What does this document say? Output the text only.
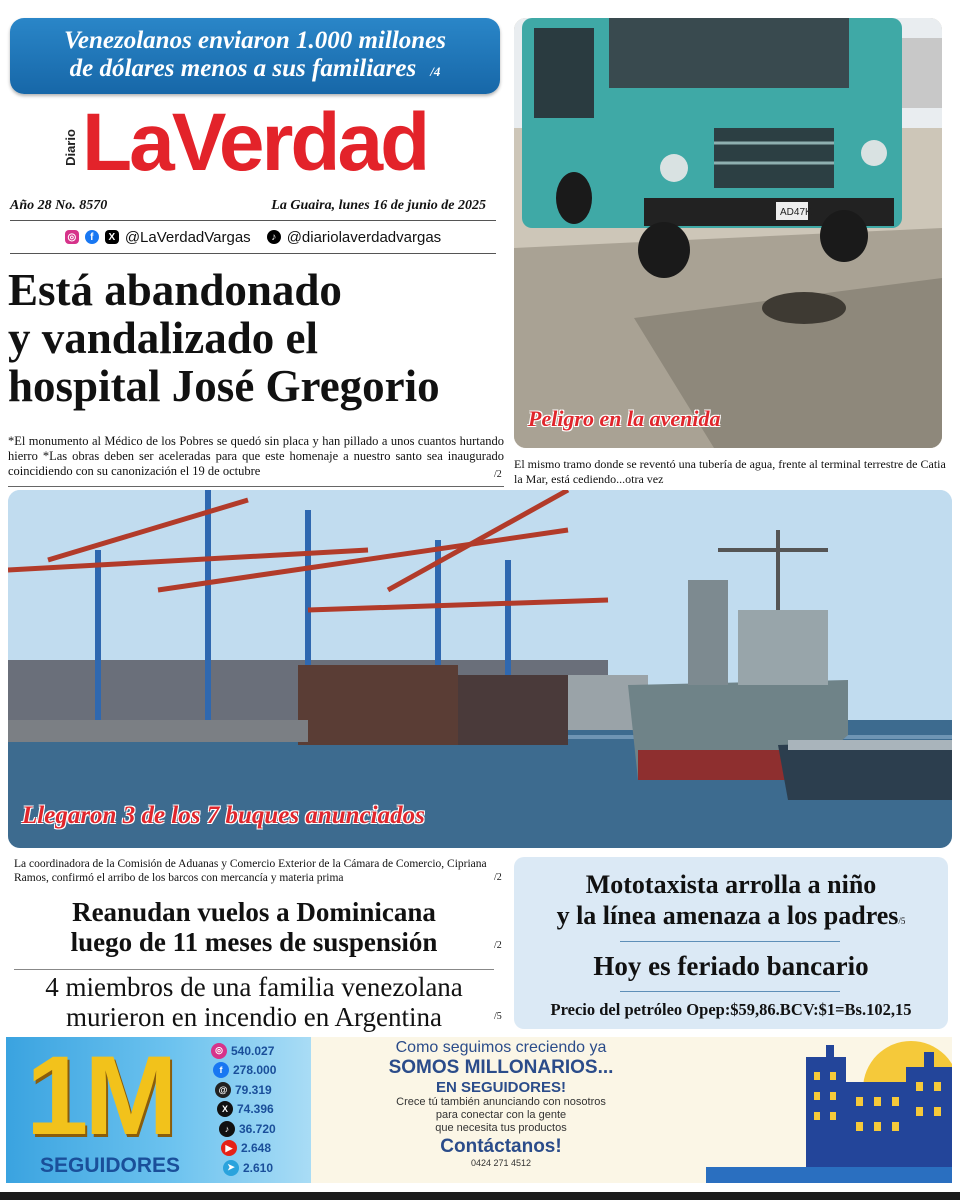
Venezolanos enviaron 1.000 millones
de dólares menos a sus familiares /4
Diario LaVerdad
Año 28 No. 8570	La Guaira, lunes 16 de junio de 2025
◎	f	X @LaVerdadVargas	♪ @diariolaverdadvargas
Está abandonado
y vandalizado el
hospital José Gregorio
*El monumento al Médico de los Pobres se quedó sin placa y han pillado a unos cuantos hurtando hierro *Las obras deben ser aceleradas para que este homenaje a nuestro santo sea inaugurado coincidiendo con su canonización el 19 de octubre	/2
AD47K
Peligro en la avenida
El mismo tramo donde se reventó una tubería de agua, frente al terminal terrestre de Catia la Mar, está cediendo...otra vez
Llegaron 3 de los 7 buques anunciados
La coordinadora de la Comisión de Aduanas y Comercio Exterior de la Cámara de Comercio, Cipriana Ramos, confirmó el arribo de los barcos con mercancía y materia prima	/2
Reanudan vuelos a Dominicana
luego de 11 meses de suspensión	/2
4 miembros de una familia venezolana
murieron en incendio en Argentina	/5
Mototaxista arrolla a niño
y la línea amenaza a los padres/5
Hoy es feriado bancario
Precio del petróleo Opep:$59,86.BCV:$1=Bs.102,15
1M
SEGUIDORES
◎ 540.027
f 278.000
@ 79.319
X 74.396
♪ 36.720
▶ 2.648
➤ 2.610
Como seguimos creciendo ya
SOMOS MILLONARIOS...
EN SEGUIDORES!
Crece tú también anunciando con nosotros
para conectar con la gente
que necesita tus productos
Contáctanos!
0424 271 4512
